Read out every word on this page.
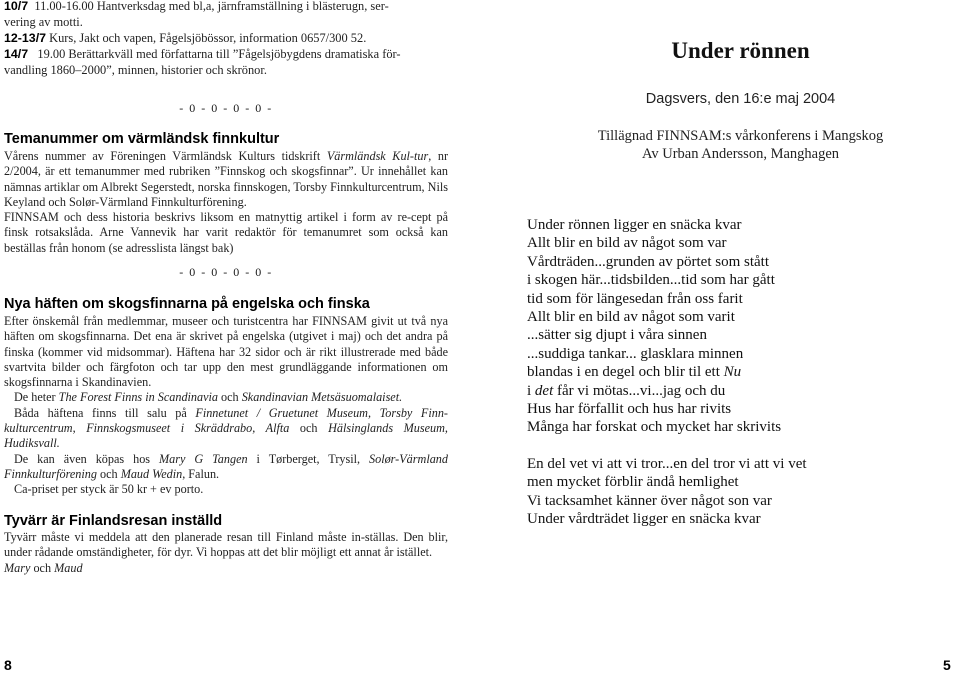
10/7 11.00-16.00 Hantverksdag med bl,a, järnframställning i blästerugn, ser-
vering av motti.
12-13/7 Kurs, Jakt och vapen, Fågelsjöbössor, information 0657/300 52.
14/7 19.00 Berättarkväll med författarna till ”Fågelsjöbygdens dramatiska för-
vandling 1860–2000”, minnen, historier och skrönor.
- 0 - 0 - 0 - 0 -
Temanummer om värmländsk finnkultur

Vårens nummer av Föreningen Värmländsk Kulturs tidskrift Värmländsk Kul-tur, nr 2/2004, är ett temanummer med rubriken ”Finnskog och skogsfinnar”. Ur innehållet kan nämnas artiklar om Albrekt Segerstedt, norska finnskogen, Torsby Finnkulturcentrum, Nils Keyland och Solør-Värmland Finnkulturförening.

FINNSAM och dess historia beskrivs liksom en matnyttig artikel i form av re-cept på finsk rotsakslåda. Arne Vannevik har varit redaktör för temanumret som också kan beställas från honom (se adresslista längst bak)

- 0 - 0 - 0 - 0 -
Nya häften om skogsfinnarna på engelska och finska

Efter önskemål från medlemmar, museer och turistcentra har FINNSAM givit ut två nya häften om skogsfinnarna. Det ena är skrivet på engelska (utgivet i maj) och det andra på finska (kommer vid midsommar). Häftena har 32 sidor och är rikt illustrerade med både svartvita bilder och färgfoton och tar upp den mest grundläggande informationen om skogsfinnarna i Skandinavien.

De heter The Forest Finns in Scandinavia och Skandinavian Metsäsuomalaiset.

Båda häftena finns till salu på Finnetunet / Gruetunet Museum, Torsby Finn-kulturcentrum, Finnskogsmuseet i Skräddrabo, Alfta och Hälsinglands Museum, Hudiksvall.

De kan även köpas hos Mary G Tangen i Tørberget, Trysil, Solør-Värmland Finnkulturförening och Maud Wedin, Falun.

Ca-priset per styck är 50 kr + ev porto.

Tyvärr är Finlandsresan inställd

Tyvärr måste vi meddela att den planerade resan till Finland måste in-ställas. Den blir, under rådande omständigheter, för dyr. Vi hoppas att det blir möjligt ett annat år istället.

Mary och Maud

8
Under rönnen
Dagsvers, den 16:e maj 2004
Tillägnad FINNSAM:s vårkonferens i Mangskog
Av Urban Andersson, Manghagen
Under rönnen ligger en snäcka kvar
Allt blir en bild av något som var
Vårdträden...grunden av pörtet som stått
i skogen här...tidsbilden...tid som har gått
tid som för längesedan från oss farit
Allt blir en bild av något som varit
...sätter sig djupt i våra sinnen
...suddiga tankar... glasklara minnen
blandas i en degel och blir til ett Nu
i det får vi mötas...vi...jag och du
Hus har förfallit och hus har rivits
Många har forskat och mycket har skrivits
En del vet vi att vi tror...en del tror vi att vi vet
men mycket förblir ändå hemlighet
Vi tacksamhet känner över något son var
Under vårdträdet ligger en snäcka kvar
5
